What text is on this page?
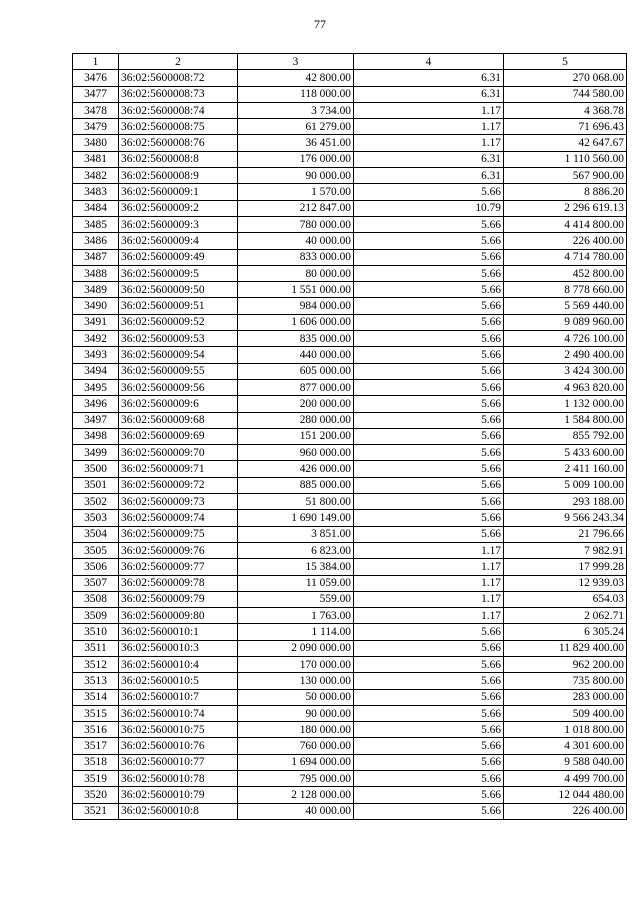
77
1	2	3	4	5
3476	36:02:5600008:72	42 800.00	6.31	270 068.00
3477	36:02:5600008:73	118 000.00	6.31	744 580.00
3478	36:02:5600008:74	3 734.00	1.17	4 368.78
3479	36:02:5600008:75	61 279.00	1.17	71 696.43
3480	36:02:5600008:76	36 451.00	1.17	42 647.67
3481	36:02:5600008:8	176 000.00	6.31	1 110 560.00
3482	36:02:5600008:9	90 000.00	6.31	567 900.00
3483	36:02:5600009:1	1 570.00	5.66	8 886.20
3484	36:02:5600009:2	212 847.00	10.79	2 296 619.13
3485	36:02:5600009:3	780 000.00	5.66	4 414 800.00
3486	36:02:5600009:4	40 000.00	5.66	226 400.00
3487	36:02:5600009:49	833 000.00	5.66	4 714 780.00
3488	36:02:5600009:5	80 000.00	5.66	452 800.00
3489	36:02:5600009:50	1 551 000.00	5.66	8 778 660.00
3490	36:02:5600009:51	984 000.00	5.66	5 569 440.00
3491	36:02:5600009:52	1 606 000.00	5.66	9 089 960.00
3492	36:02:5600009:53	835 000.00	5.66	4 726 100.00
3493	36:02:5600009:54	440 000.00	5.66	2 490 400.00
3494	36:02:5600009:55	605 000.00	5.66	3 424 300.00
3495	36:02:5600009:56	877 000.00	5.66	4 963 820.00
3496	36:02:5600009:6	200 000.00	5.66	1 132 000.00
3497	36:02:5600009:68	280 000.00	5.66	1 584 800.00
3498	36:02:5600009:69	151 200.00	5.66	855 792.00
3499	36:02:5600009:70	960 000.00	5.66	5 433 600.00
3500	36:02:5600009:71	426 000.00	5.66	2 411 160.00
3501	36:02:5600009:72	885 000.00	5.66	5 009 100.00
3502	36:02:5600009:73	51 800.00	5.66	293 188.00
3503	36:02:5600009:74	1 690 149.00	5.66	9 566 243.34
3504	36:02:5600009:75	3 851.00	5.66	21 796.66
3505	36:02:5600009:76	6 823.00	1.17	7 982.91
3506	36:02:5600009:77	15 384.00	1.17	17 999.28
3507	36:02:5600009:78	11 059.00	1.17	12 939.03
3508	36:02:5600009:79	559.00	1.17	654.03
3509	36:02:5600009:80	1 763.00	1.17	2 062.71
3510	36:02:5600010:1	1 114.00	5.66	6 305.24
3511	36:02:5600010:3	2 090 000.00	5.66	11 829 400.00
3512	36:02:5600010:4	170 000.00	5.66	962 200.00
3513	36:02:5600010:5	130 000.00	5.66	735 800.00
3514	36:02:5600010:7	50 000.00	5.66	283 000.00
3515	36:02:5600010:74	90 000.00	5.66	509 400.00
3516	36:02:5600010:75	180 000.00	5.66	1 018 800.00
3517	36:02:5600010:76	760 000.00	5.66	4 301 600.00
3518	36:02:5600010:77	1 694 000.00	5.66	9 588 040.00
3519	36:02:5600010:78	795 000.00	5.66	4 499 700.00
3520	36:02:5600010:79	2 128 000.00	5.66	12 044 480.00
3521	36:02:5600010:8	40 000.00	5.66	226 400.00
